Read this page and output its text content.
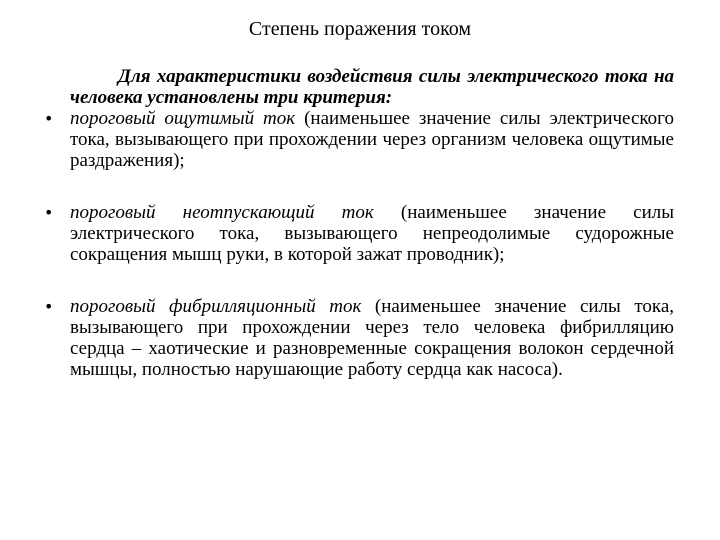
Степень поражения током
Для характеристики воздействия силы электрического тока на человека установлены три критерия:
• пороговый ощутимый ток (наименьшее значение силы электрического тока, вызывающего при прохождении через организм человека ощутимые раздражения);
• пороговый неотпускающий ток (наименьшее значение силы электрического тока, вызывающего непреодолимые судорожные сокращения мышц руки, в которой зажат проводник);
• пороговый фибрилляционный ток (наименьшее значение силы тока, вызывающего при прохождении через тело человека фибрилляцию сердца – хаотические и разновременные сокращения волокон сердечной мышцы, полностью нарушающие работу сердца как насоса).
